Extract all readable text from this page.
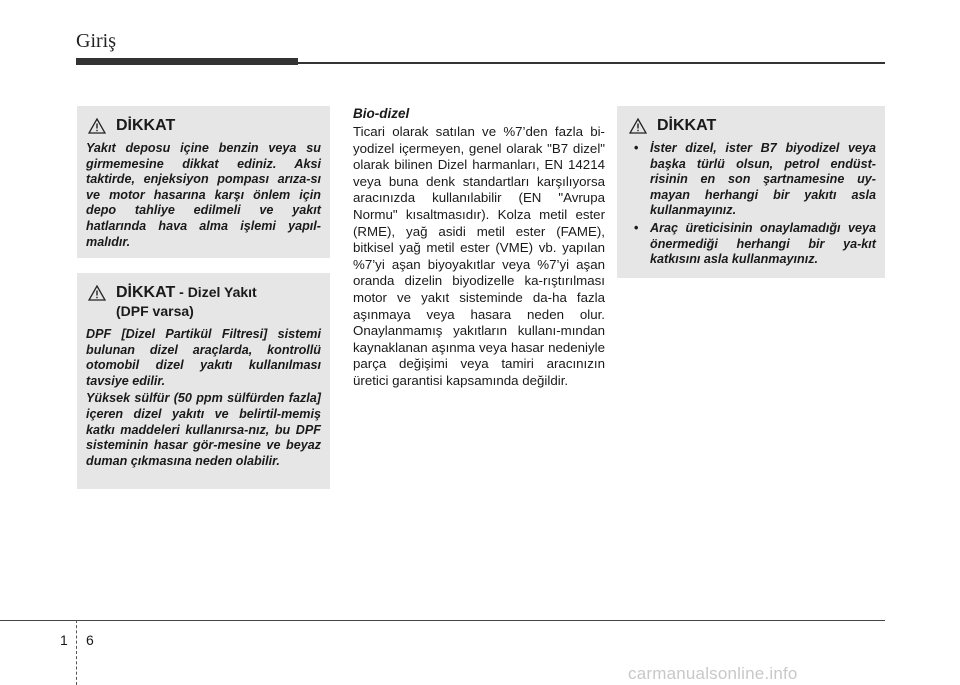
Giriş
DİKKAT

Yakıt deposu içine benzin veya su girmemesine dikkat ediniz. Aksi taktirde, enjeksiyon pompası arıza-sı ve motor hasarına karşı önlem için depo tahliye edilmeli ve yakıt hatlarında hava alma işlemi yapıl-malıdır.

DİKKAT - Dizel Yakıt
(DPF varsa)

DPF [Dizel Partikül Filtresi] sistemi bulunan dizel araçlarda, kontrollü otomobil dizel yakıtı kullanılması tavsiye edilir.

Yüksek sülfür (50 ppm sülfürden fazla] içeren dizel yakıtı ve belirtil-memiş katkı maddeleri kullanırsa-nız, bu DPF sisteminin hasar gör-mesine ve beyaz duman çıkmasına neden olabilir.

Bio-dizel

Ticari olarak satılan ve %7’den fazla bi-yodizel içermeyen, genel olarak "B7 dizel" olarak bilinen Dizel harmanları, EN 14214 veya buna denk standartları karşılıyorsa aracınızda kullanılabilir (EN "Avrupa Normu" kısaltmasıdır). Kolza metil ester (RME), yağ asidi metil ester (FAME), bitkisel yağ metil ester (VME) vb. yapılan %7’yi aşan biyoyakıtlar veya %7’yi aşan oranda dizelin biyodizelle ka-rıştırılması motor ve yakıt sisteminde da-ha fazla aşınmaya veya hasara neden olur. Onaylanmamış yakıtların kullanı-mından kaynaklanan aşınma veya hasar nedeniyle parça değişimi veya tamiri aracınızın üretici garantisi kapsamında değildir.

DİKKAT
• İster dizel, ister B7 biyodizel veya başka türlü olsun, petrol endüst-risinin en son şartnamesine uy-mayan herhangi bir yakıtı asla kullanmayınız.
• Araç üreticisinin onaylamadığı veya önermediği herhangi bir ya-kıt katkısını asla kullanmayınız.
1 6
carmanualsonline.info
